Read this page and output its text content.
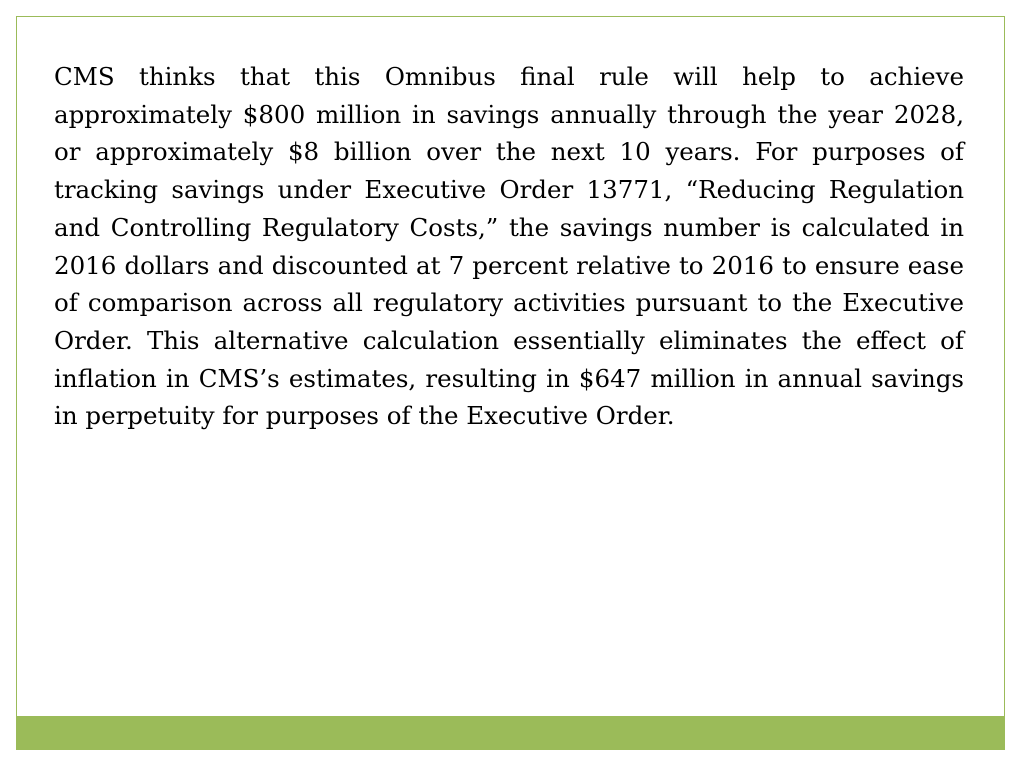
CMS thinks that this Omnibus final rule will help to achieve approximately $800 million in savings annually through the year 2028, or approximately $8 billion over the next 10 years. For purposes of tracking savings under Executive Order 13771, “Reducing Regulation and Controlling Regulatory Costs,” the savings number is calculated in 2016 dollars and discounted at 7 percent relative to 2016 to ensure ease of comparison across all regulatory activities pursuant to the Executive Order. This alternative calculation essentially eliminates the effect of inflation in CMS’s estimates, resulting in $647 million in annual savings in perpetuity for purposes of the Executive Order.
